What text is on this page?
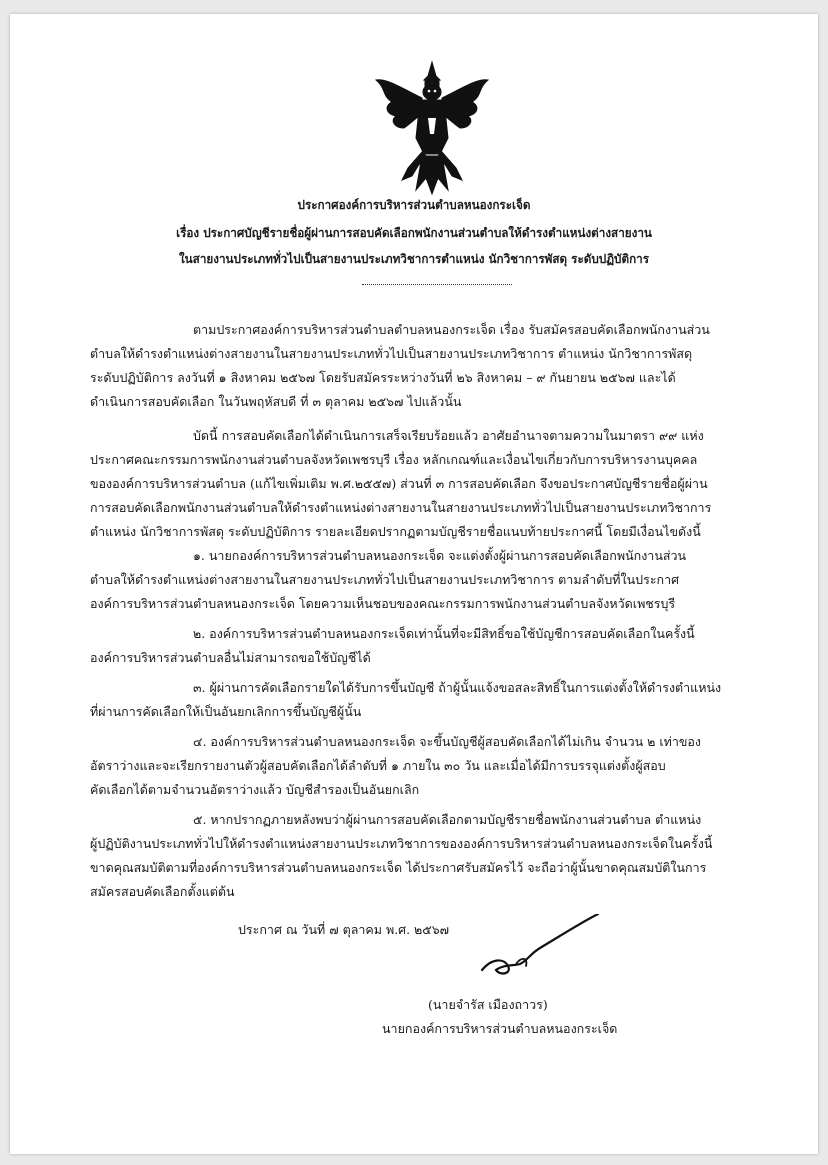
ประกาศองค์การบริหารส่วนตำบลหนองกระเจ็ด
เรื่อง ประกาศบัญชีรายชื่อผู้ผ่านการสอบคัดเลือกพนักงานส่วนตำบลให้ดำรงตำแหน่งต่างสายงาน
ในสายงานประเภททั่วไปเป็นสายงานประเภทวิชาการตำแหน่ง นักวิชาการพัสดุ ระดับปฏิบัติการ
ตามประกาศองค์การบริหารส่วนตำบลตำบลหนองกระเจ็ด เรื่อง รับสมัครสอบคัดเลือกพนักงานส่วน
ตำบลให้ดำรงตำแหน่งต่างสายงานในสายงานประเภททั่วไปเป็นสายงานประเภทวิชาการ ตำแหน่ง นักวิชาการพัสดุ
ระดับปฏิบัติการ ลงวันที่ ๑ สิงหาคม ๒๕๖๗ โดยรับสมัครระหว่างวันที่ ๒๖ สิงหาคม – ๙ กันยายน ๒๕๖๗ และได้
ดำเนินการสอบคัดเลือก ในวันพฤหัสบดี ที่ ๓ ตุลาคม ๒๕๖๗ ไปแล้วนั้น
บัดนี้ การสอบคัดเลือกได้ดำเนินการเสร็จเรียบร้อยแล้ว อาศัยอำนาจตามความในมาตรา ๙๙ แห่ง
ประกาศคณะกรรมการพนักงานส่วนตำบลจังหวัดเพชรบุรี เรื่อง หลักเกณฑ์และเงื่อนไขเกี่ยวกับการบริหารงานบุคคล
ขององค์การบริหารส่วนตำบล (แก้ไขเพิ่มเติม พ.ศ.๒๕๕๗) ส่วนที่ ๓ การสอบคัดเลือก จึงขอประกาศบัญชีรายชื่อผู้ผ่าน
การสอบคัดเลือกพนักงานส่วนตำบลให้ดำรงตำแหน่งต่างสายงานในสายงานประเภททั่วไปเป็นสายงานประเภทวิชาการ
ตำแหน่ง นักวิชาการพัสดุ ระดับปฏิบัติการ รายละเอียดปรากฏตามบัญชีรายชื่อแนบท้ายประกาศนี้ โดยมีเงื่อนไขดังนี้
๑. นายกองค์การบริหารส่วนตำบลหนองกระเจ็ด จะแต่งตั้งผู้ผ่านการสอบคัดเลือกพนักงานส่วน
ตำบลให้ดำรงตำแหน่งต่างสายงานในสายงานประเภททั่วไปเป็นสายงานประเภทวิชาการ ตามลำดับที่ในประกาศ
องค์การบริหารส่วนตำบลหนองกระเจ็ด โดยความเห็นชอบของคณะกรรมการพนักงานส่วนตำบลจังหวัดเพชรบุรี
๒. องค์การบริหารส่วนตำบลหนองกระเจ็ดเท่านั้นที่จะมีสิทธิ์ขอใช้บัญชีการสอบคัดเลือกในครั้งนี้
องค์การบริหารส่วนตำบลอื่นไม่สามารถขอใช้บัญชีได้
๓. ผู้ผ่านการคัดเลือกรายใดได้รับการขึ้นบัญชี ถ้าผู้นั้นแจ้งขอสละสิทธิ์ในการแต่งตั้งให้ดำรงตำแหน่ง
ที่ผ่านการคัดเลือกให้เป็นอันยกเลิกการขึ้นบัญชีผู้นั้น
๔. องค์การบริหารส่วนตำบลหนองกระเจ็ด จะขึ้นบัญชีผู้สอบคัดเลือกได้ไม่เกิน จำนวน ๒ เท่าของ
อัตราว่างและจะเรียกรายงานตัวผู้สอบคัดเลือกได้ลำดับที่ ๑ ภายใน ๓๐ วัน และเมื่อได้มีการบรรจุแต่งตั้งผู้สอบ
คัดเลือกได้ตามจำนวนอัตราว่างแล้ว บัญชีสำรองเป็นอันยกเลิก
๕. หากปรากฏภายหลังพบว่าผู้ผ่านการสอบคัดเลือกตามบัญชีรายชื่อพนักงานส่วนตำบล ตำแหน่ง
ผู้ปฏิบัติงานประเภททั่วไปให้ดำรงตำแหน่งสายงานประเภทวิชาการขององค์การบริหารส่วนตำบลหนองกระเจ็ดในครั้งนี้
ขาดคุณสมบัติตามที่องค์การบริหารส่วนตำบลหนองกระเจ็ด ได้ประกาศรับสมัครไว้ จะถือว่าผู้นั้นขาดคุณสมบัติในการ
สมัครสอบคัดเลือกตั้งแต่ต้น
ประกาศ ณ วันที่ ๗ ตุลาคม พ.ศ. ๒๕๖๗
(นายจำรัส เมืองถาวร)
นายกองค์การบริหารส่วนตำบลหนองกระเจ็ด
